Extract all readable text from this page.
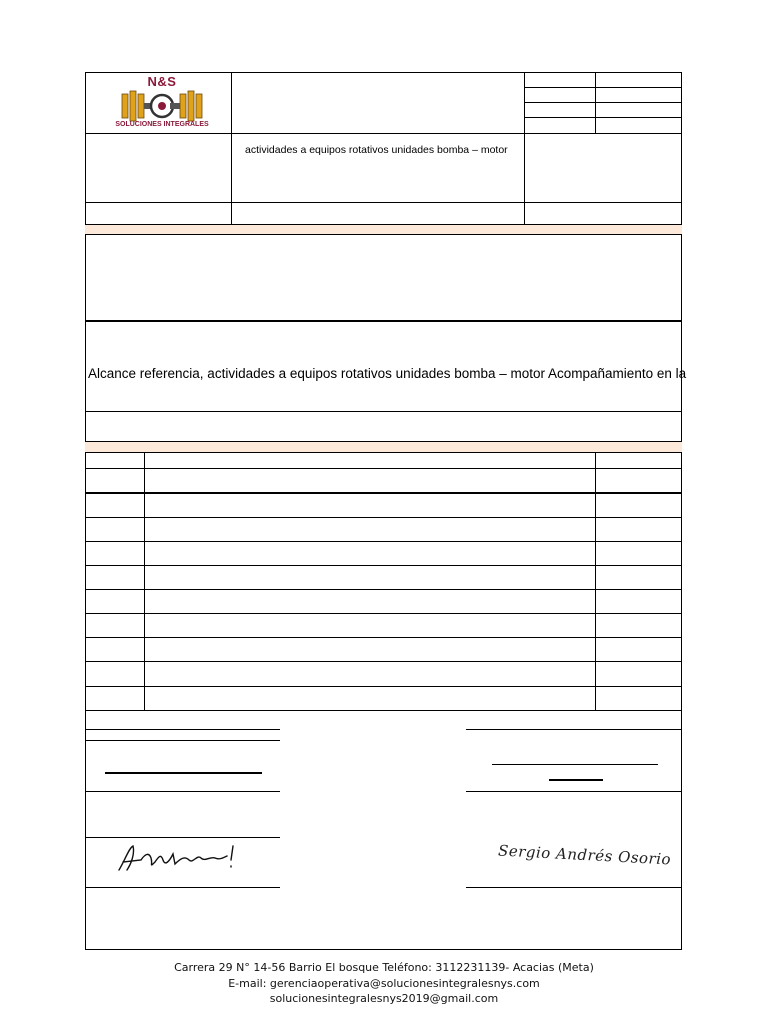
N&S
SOLUCIONES INTEGRALES
actividades a equipos rotativos unidades bomba – motor
Alcance referencia, actividades a equipos rotativos unidades bomba – motor Acompañamiento en la
Sergio Andrés Osorio
Carrera 29 N° 14-56 Barrio El bosque Teléfono: 3112231139- Acacias (Meta)
E-mail: gerenciaoperativa@solucionesintegralesnys.com
solucionesintegralesnys2019@gmail.com
